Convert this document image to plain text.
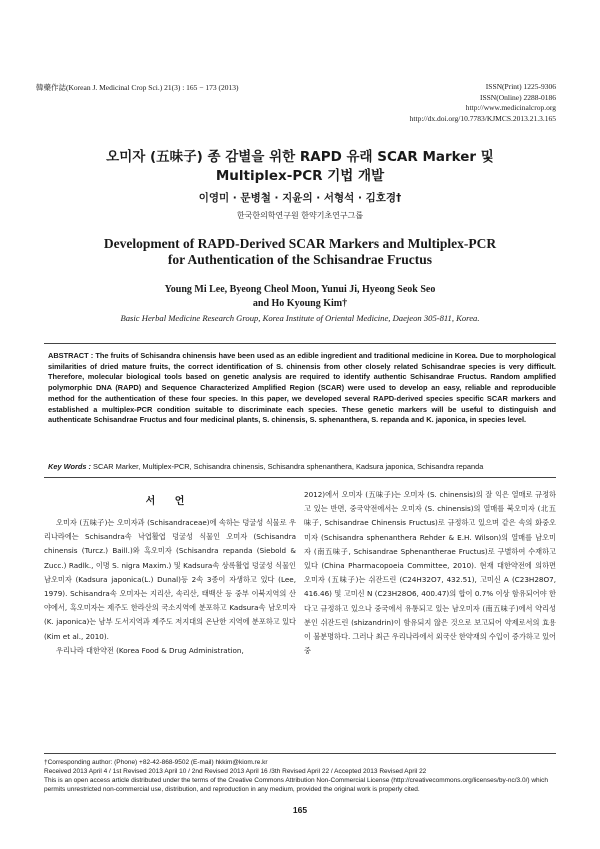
韓藥作誌(Korean J. Medicinal Crop Sci.) 21(3) : 165 − 173 (2013)	ISSN(Print) 1225-9306
ISSN(Online) 2288-0186
http://www.medicinalcrop.org
http://dx.doi.org/10.7783/KJMCS.2013.21.3.165
오미자 (五味子) 종 감별을 위한 RAPD 유래 SCAR Marker 및
Multiplex-PCR 기법 개발
이영미 · 문병철 · 지윤의 · 서형석 · 김호경†
한국한의학연구원 한약기초연구그룹
Development of RAPD-Derived SCAR Markers and Multiplex-PCR
for Authentication of the Schisandrae Fructus
Young Mi Lee, Byeong Cheol Moon, Yunui Ji, Hyeong Seok Seo
and Ho Kyoung Kim†
Basic Herbal Medicine Research Group, Korea Institute of Oriental Medicine, Daejeon 305-811, Korea.
ABSTRACT : The fruits of Schisandra chinensis have been used as an edible ingredient and traditional medicine in Korea. Due to morphological similarities of dried mature fruits, the correct identification of S. chinensis from other closely related Schisandrae species is very difficult. Therefore, molecular biological tools based on genetic analysis are required to identify authentic Schisandrae Fructus. Random amplified polymorphic DNA (RAPD) and Sequence Characterized Amplified Region (SCAR) were used to develop an easy, reliable and reproducible method for the authentication of these four species. In this paper, we developed several RAPD-derived species specific SCAR markers and established a multiplex-PCR condition suitable to discriminate each species. These genetic markers will be useful to distinguish and authenticate Schisandrae Fructus and four medicinal plants, S. chinensis, S. sphenanthera, S. repanda and K. japonica, in species level.
Key Words : SCAR Marker, Multiplex-PCR, Schisandra chinensis, Schisandra sphenanthera, Kadsura japonica, Schisandra repanda
서 언

오미자 (五味子)는 오미자과 (Schisandraceae)에 속하는 덩굴성 식물로 우리나라에는 Schisandra속 낙엽활엽 덩굴성 식물인 오미자 (Schisandra chinensis (Turcz.) Baill.)와 흑오미자 (Schisandra repanda (Siebold & Zucc.) Radlk., 이명 S. nigra Maxim.) 및 Kadsura속 상록활엽 덩굴성 식물인 남오미자 (Kadsura japonica(L.) Dunal)등 2속 3종이 자생하고 있다 (Lee, 1979). Schisandra속 오미자는 지리산, 속리산, 태백산 등 중부 이북지역의 산야에서, 흑오미자는 제주도 한라산의 국소지역에 분포하고 Kadsura속 남오미자 (K. japonica)는 남부 도서지역과 제주도 저지대의 온난한 지역에 분포하고 있다 (Kim et al., 2010).

우리나라 대한약전 (Korea Food & Drug Administration,

2012)에서 오미자 (五味子)는 오미자 (S. chinensis)의 잘 익은 열매로 규정하고 있는 반면, 중국약전에서는 오미자 (S. chinensis)의 열매를 북오미자 (北五味子, Schisandrae Chinensis Fructus)로 규정하고 있으며 같은 속의 화중오미자 (Schisandra sphenanthera Rehder & E.H. Wilson)의 열매를 남오미자 (南五味子, Schisandrae Sphenantherae Fructus)로 구별하여 수재하고 있다 (China Pharmacopoeia Committee, 2010). 현재 대한약전에 의하면 오미자 (五味子)는 쉬잔드린 (C24H32O7, 432.51), 고미신 A (C23H28O7, 416.46) 및 고미신 N (C23H28O6, 400.47)의 합이 0.7% 이상 함유되어야 한다고 규정하고 있으나 중국에서 유통되고 있는 남오미자 (南五味子)에서 약리성분인 쉬잔드린 (shizandrin)이 함유되지 않은 것으로 보고되어 약제로서의 효용이 불분명하다. 그러나 최근 우리나라에서 외국산 한약재의 수입이 증가하고 있어 중

†Corresponding author: (Phone) +82-42-868-9502 (E-mail) hkkim@kiom.re.kr

Received 2013 April 4 / 1st Revised 2013 April 10 / 2nd Revised 2013 April 16 /3th Revised April 22 / Accepted 2013 Revised April 22

This is an open access article distributed under the terms of the Creative Commons Attribution Non-Commercial License (http://creativecommons.org/licenses/by-nc/3.0/) which permits unrestricted non-commercial use, distribution, and reproduction in any medium, provided the original work is properly cited.

165
